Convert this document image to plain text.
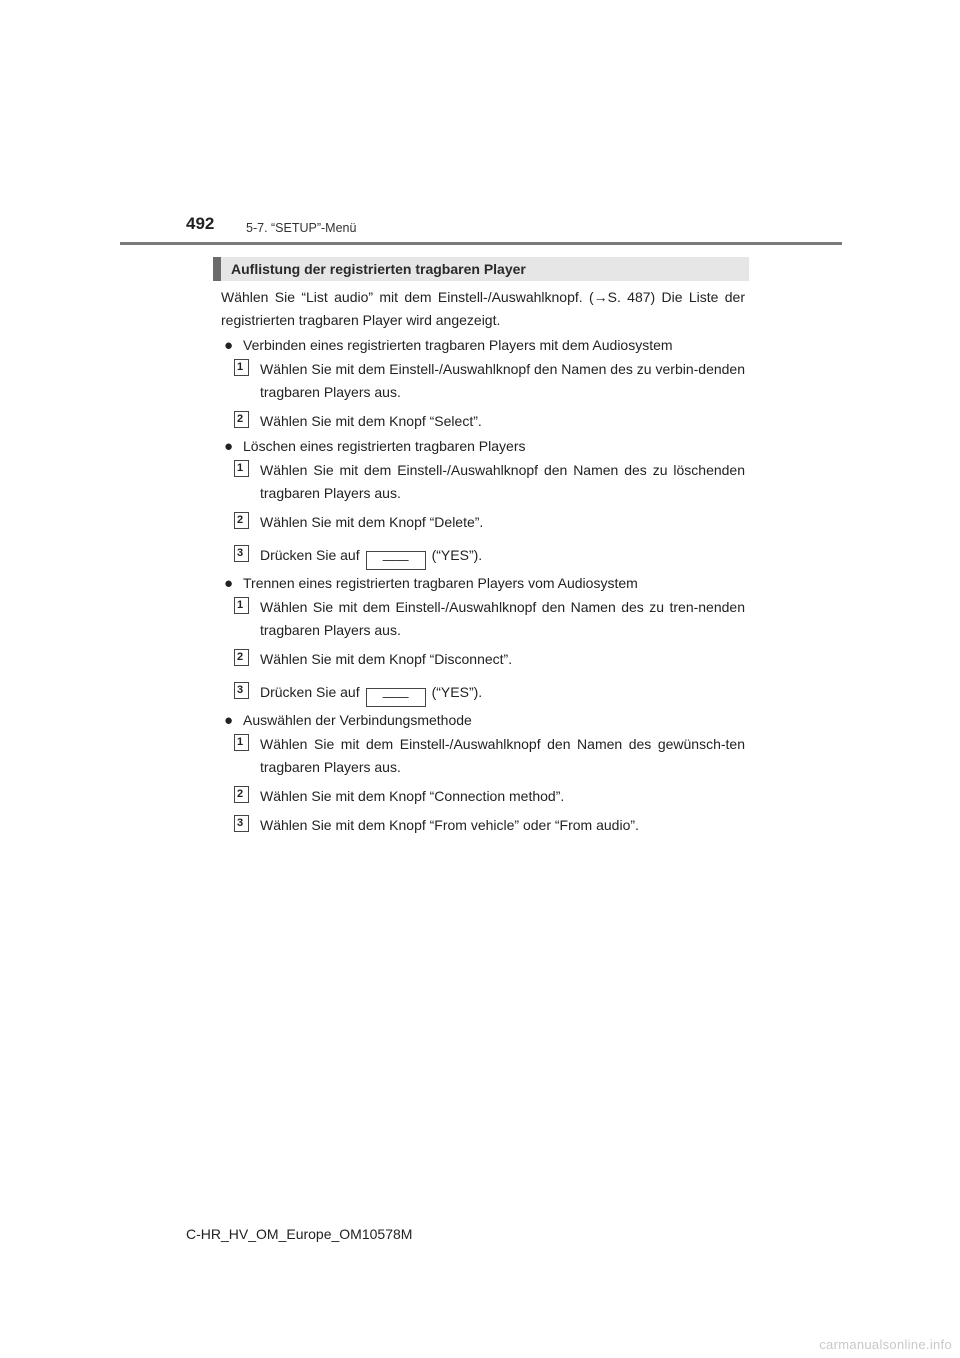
492	5-7. “SETUP”-Menü
Auflistung der registrierten tragbaren Player

Wählen Sie “List audio” mit dem Einstell-/Auswahlknopf. (→S. 487) Die Liste der registrierten tragbaren Player wird angezeigt.

● Verbinden eines registrierten tragbaren Players mit dem Audiosystem
1	Wählen Sie mit dem Einstell-/Auswahlknopf den Namen des zu verbin-denden tragbaren Players aus.
2	Wählen Sie mit dem Knopf “Select”.
● Löschen eines registrierten tragbaren Players
1	Wählen Sie mit dem Einstell-/Auswahlknopf den Namen des zu löschenden tragbaren Players aus.
2	Wählen Sie mit dem Knopf “Delete”.
3	Drücken Sie auf —— (“YES”).
● Trennen eines registrierten tragbaren Players vom Audiosystem
1	Wählen Sie mit dem Einstell-/Auswahlknopf den Namen des zu tren-nenden tragbaren Players aus.
2	Wählen Sie mit dem Knopf “Disconnect”.
3	Drücken Sie auf —— (“YES”).
● Auswählen der Verbindungsmethode
1	Wählen Sie mit dem Einstell-/Auswahlknopf den Namen des gewünsch-ten tragbaren Players aus.
2	Wählen Sie mit dem Knopf “Connection method”.
3	Wählen Sie mit dem Knopf “From vehicle” oder “From audio”.
C-HR_HV_OM_Europe_OM10578M
carmanualsonline.info
